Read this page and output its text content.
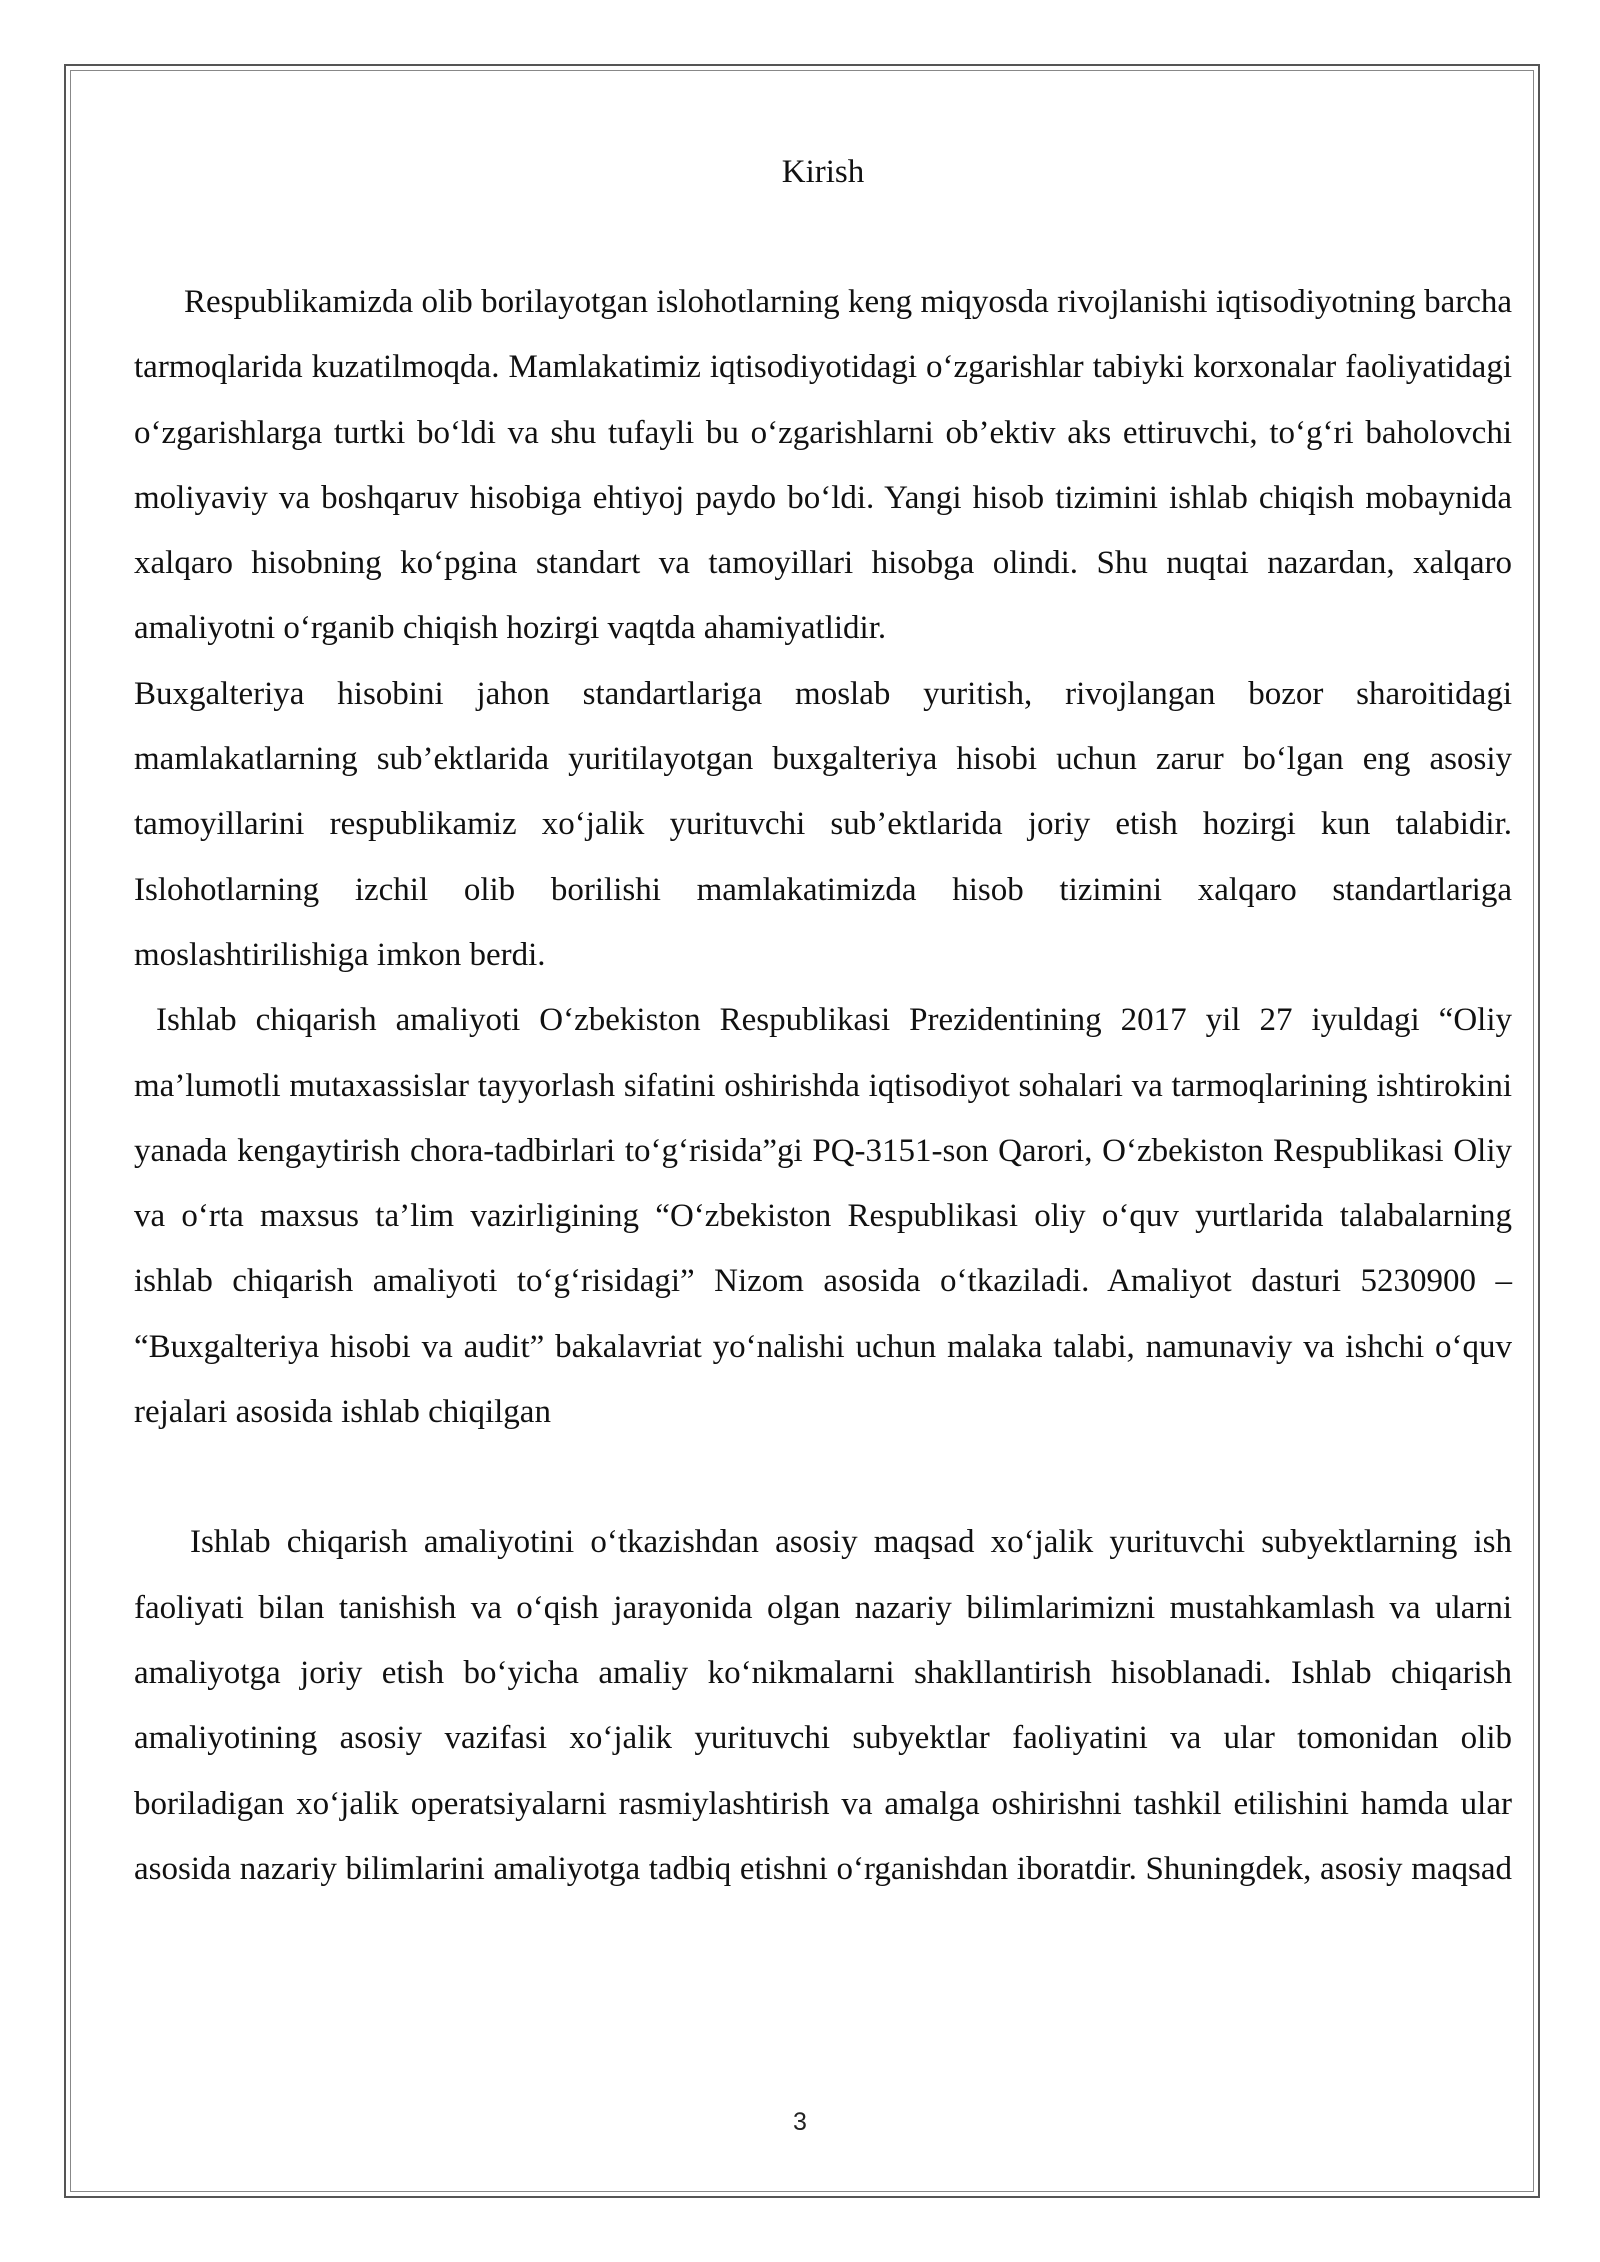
Kirish

Respublikamizda olib borilayotgan islohotlarning keng miqyosda rivojlanishi iqtisodiyotning barcha tarmoqlarida kuzatilmoqda. Mamlakatimiz iqtisodiyotidagi o‘zgarishlar tabiyki korxonalar faoliyatidagi o‘zgarishlarga turtki bo‘ldi va shu tufayli bu o‘zgarishlarni ob’ektiv aks ettiruvchi, to‘g‘ri baholovchi moliyaviy va boshqaruv hisobiga ehtiyoj paydo bo‘ldi. Yangi hisob tizimini ishlab chiqish mobaynida xalqaro hisobning ko‘pgina standart va tamoyillari hisobga olindi. Shu nuqtai nazardan, xalqaro amaliyotni o‘rganib chiqish hozirgi vaqtda ahamiyatlidir.

Buxgalteriya hisobini jahon standartlariga moslab yuritish, rivojlangan bozor sharoitidagi mamlakatlarning sub’ektlarida yuritilayotgan buxgalteriya hisobi uchun zarur bo‘lgan eng asosiy tamoyillarini respublikamiz xo‘jalik yurituvchi sub’ektlarida joriy etish hozirgi kun talabidir. Islohotlarning izchil olib borilishi mamlakatimizda hisob tizimini xalqaro standartlariga moslashtirilishiga imkon berdi.

Ishlab chiqarish amaliyoti O‘zbekiston Respublikasi Prezidentining 2017 yil 27 iyuldagi “Oliy ma’lumotli mutaxassislar tayyorlash sifatini oshirishda iqtisodiyot sohalari va tarmoqlarining ishtirokini yanada kengaytirish chora-tadbirlari to‘g‘risida”gi PQ-3151-son Qarori, O‘zbekiston Respublikasi Oliy va o‘rta maxsus ta’lim vazirligining “O‘zbekiston Respublikasi oliy o‘quv yurtlarida talabalarning ishlab chiqarish amaliyoti to‘g‘risidagi” Nizom asosida o‘tkaziladi. Amaliyot dasturi 5230900 – “Buxgalteriya hisobi va audit” bakalavriat yo‘nalishi uchun malaka talabi, namunaviy va ishchi o‘quv rejalari asosida ishlab chiqilgan

Ishlab chiqarish amaliyotini o‘tkazishdan asosiy maqsad xo‘jalik yurituvchi subyektlarning ish faoliyati bilan tanishish va o‘qish jarayonida olgan nazariy bilimlarimizni mustahkamlash va ularni amaliyotga joriy etish bo‘yicha amaliy ko‘nikmalarni shakllantirish hisoblanadi. Ishlab chiqarish amaliyotining asosiy vazifasi xo‘jalik yurituvchi subyektlar faoliyatini va ular tomonidan olib boriladigan xo‘jalik operatsiyalarni rasmiylashtirish va amalga oshirishni tashkil etilishini hamda ular asosida nazariy bilimlarini amaliyotga tadbiq etishni o‘rganishdan iboratdir. Shuningdek, asosiy maqsad

3
